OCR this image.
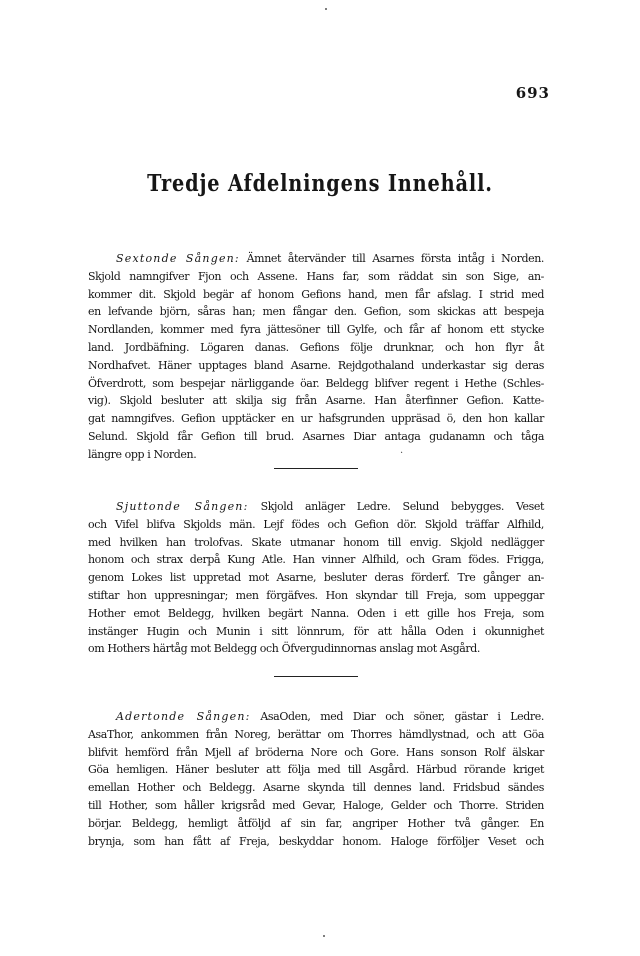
693
Tredje Afdelningens Innehåll.

Sextonde Sången: Ämnet återvänder till Asarnes första intåg i Norden.

Skjold namngifver Fjon och Assene. Hans far, som räddat sin son Sige, an-

kommer dit. Skjold begär af honom Gefions hand, men får afslag. I strid med

en lefvande björn, såras han; men fångar den. Gefion, som skickas att bespeja

Nordlanden, kommer med fyra jättesöner till Gylfe, och får af honom ett stycke

land. Jordbäfning. Lögaren danas. Gefions följe drunknar, och hon flyr åt

Nordhafvet. Häner upptages bland Asarne. Rejdgothaland underkastar sig deras

Öfverdrott, som bespejar närliggande öar. Beldegg blifver regent i Hethe (Schles-

vig). Skjold besluter att skilja sig från Asarne. Han återfinner Gefion. Katte-

gat namngifves. Gefion upptäcker en ur hafsgrunden uppräsad ö, den hon kallar

Selund. Skjold får Gefion till brud. Asarnes Diar antaga gudanamn och tåga

längre opp i Norden.	·

Sjuttonde Sången: Skjold anläger Ledre. Selund bebygges. Veset

och Vifel blifva Skjolds män. Lejf födes och Gefion dör. Skjold träffar Alfhild,

med hvilken han trolofvas. Skate utmanar honom till envig. Skjold nedlägger

honom och strax derpå Kung Atle. Han vinner Alfhild, och Gram födes. Frigga,

genom Lokes list uppretad mot Asarne, besluter deras förderf. Tre gånger an-

stiftar hon uppresningar; men förgäfves. Hon skyndar till Freja, som uppeggar

Hother emot Beldegg, hvilken begärt Nanna. Oden i ett gille hos Freja, som

instänger Hugin och Munin i sitt lönnrum, för att hålla Oden i okunnighet

om Hothers härtåg mot Beldegg och Öfvergudinnornas anslag mot Asgård.

Adertonde Sången: AsaOden, med Diar och söner, gästar i Ledre.

AsaThor, ankommen från Noreg, berättar om Thorres hämdlystnad, och att Göa

blifvit hemförd från Mjell af bröderna Nore och Gore. Hans sonson Rolf älskar

Göa hemligen. Häner besluter att följa med till Asgård. Härbud rörande kriget

emellan Hother och Beldegg. Asarne skynda till dennes land. Fridsbud sändes

till Hother, som håller krigsråd med Gevar, Haloge, Gelder och Thorre. Striden

börjar. Beldegg, hemligt åtföljd af sin far, angriper Hother två gånger. En

brynja, som han fått af Freja, beskyddar honom. Haloge förföljer Veset och
